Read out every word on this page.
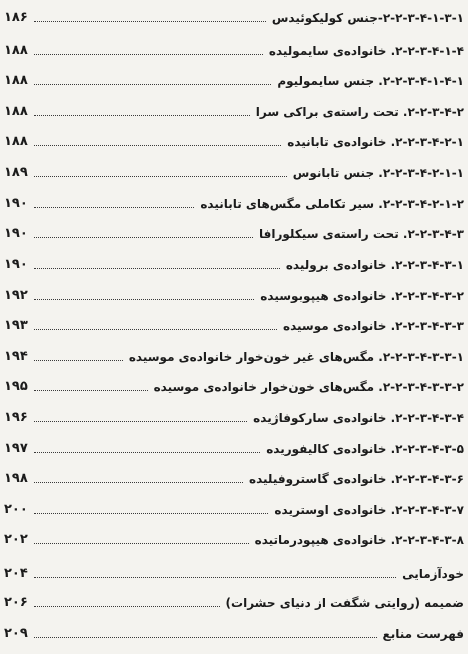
۲-۲-۳-۴-۱-۳-۱-جنس کولیکوئیدس
۱۸۶
۲-۲-۳-۴-۱-۴. خانواده‌ی سایمولیده
۱۸۸
۲-۲-۳-۴-۱-۴-۱. جنس سایمولیوم
۱۸۸
۲-۲-۳-۴-۲. تحت راسته‌ی براکی سرا
۱۸۸
۲-۲-۳-۴-۲-۱. خانواده‌ی تابانیده
۱۸۸
۲-۲-۳-۴-۲-۱-۱. جنس تابانوس
۱۸۹
۲-۲-۳-۴-۲-۱-۲. سیر تکاملی مگس‌های تابانیده
۱۹۰
۲-۲-۳-۴-۳. تحت راسته‌ی سیکلورافا
۱۹۰
۲-۲-۳-۴-۳-۱. خانواده‌ی برولیده
۱۹۰
۲-۲-۳-۴-۳-۲. خانواده‌ی هیپوبوسیده
۱۹۲
۲-۲-۳-۴-۳-۳. خانواده‌ی موسیده
۱۹۳
۲-۲-۳-۴-۳-۳-۱. مگس‌های غیر خون‌خوار خانواده‌ی موسیده
۱۹۴
۲-۲-۳-۴-۳-۳-۲. مگس‌های خون‌خوار خانواده‌ی موسیده
۱۹۵
۲-۲-۳-۴-۳-۴. خانواده‌ی سارکوفاژیده
۱۹۶
۲-۲-۳-۴-۳-۵. خانواده‌ی کالیفوریده
۱۹۷
۲-۲-۳-۴-۳-۶. خانواده‌ی گاستروفیلیده
۱۹۸
۲-۲-۳-۴-۳-۷. خانواده‌ی اوستریده
۲۰۰
۲-۲-۳-۴-۳-۸. خانواده‌ی هیپودرماتیده
۲۰۲
خودآزمایی
۲۰۴
ضمیمه (روایتی شگفت از دنیای حشرات)
۲۰۶
فهرست منابع
۲۰۹
